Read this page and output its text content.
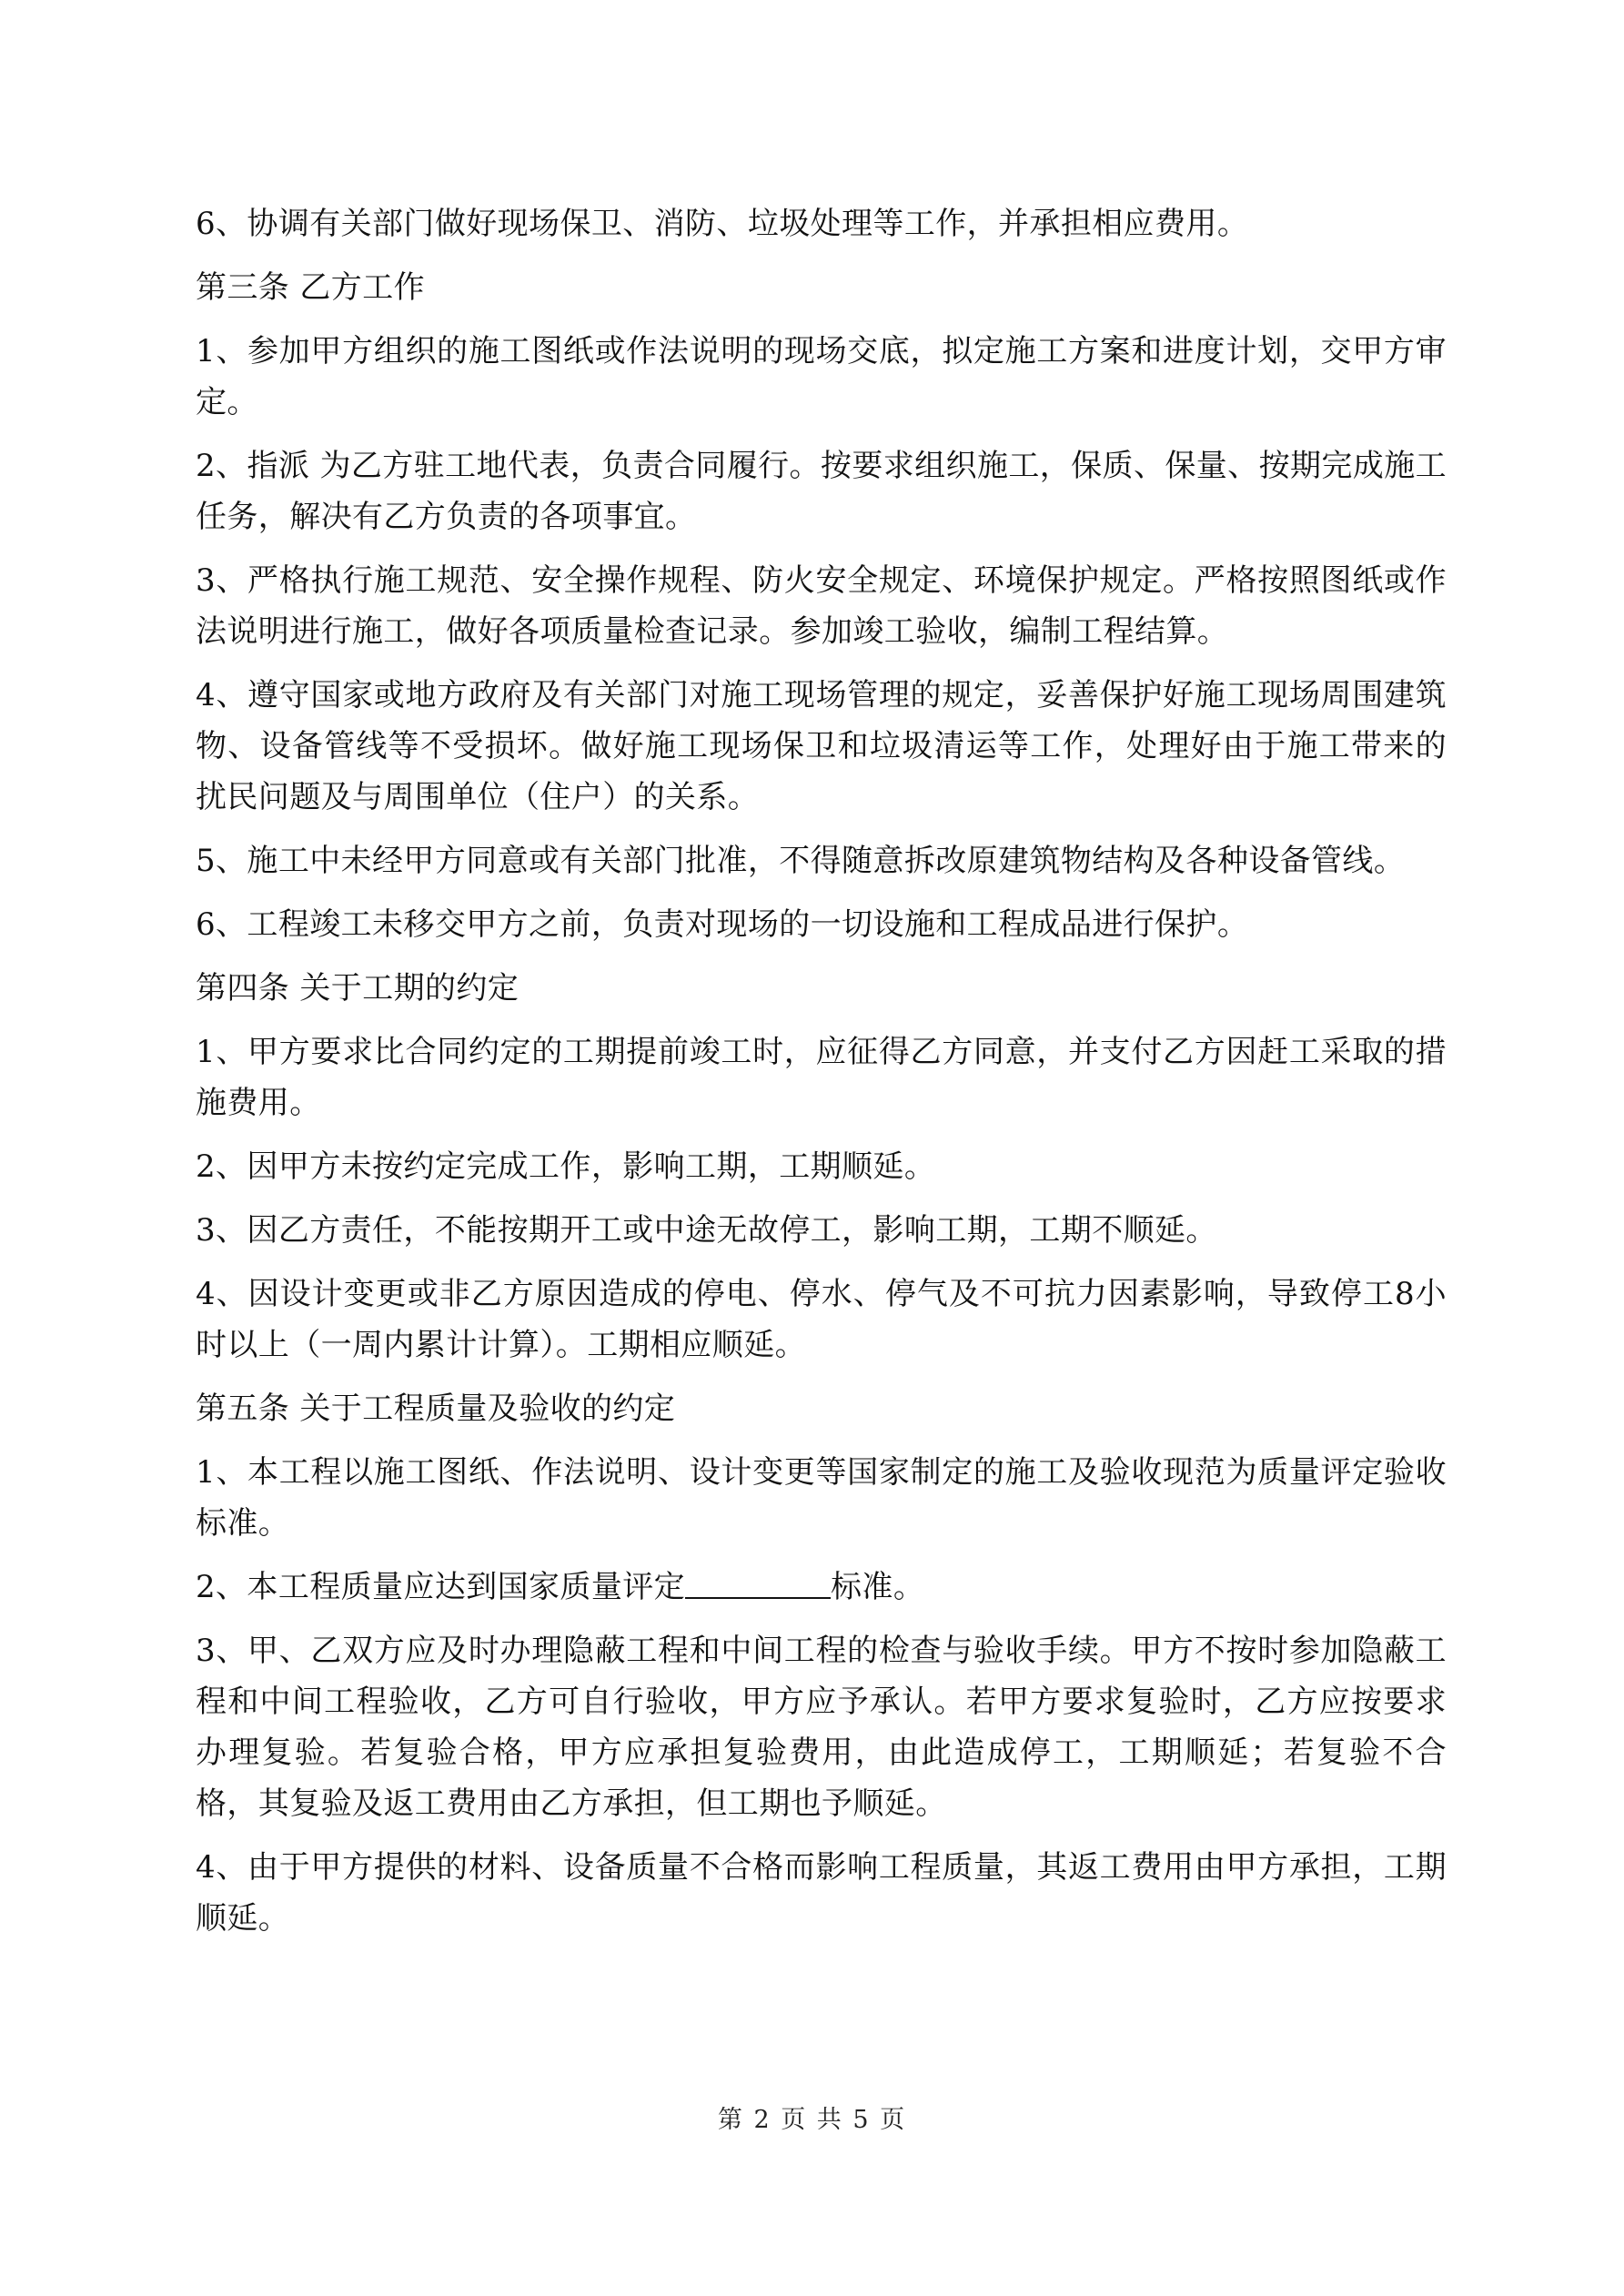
6、协调有关部门做好现场保卫、消防、垃圾处理等工作，并承担相应费用。

第三条 乙方工作

1、参加甲方组织的施工图纸或作法说明的现场交底，拟定施工方案和进度计划，交甲方审定。

2、指派 为乙方驻工地代表，负责合同履行。按要求组织施工，保质、保量、按期完成施工任务，解决有乙方负责的各项事宜。

3、严格执行施工规范、安全操作规程、防火安全规定、环境保护规定。严格按照图纸或作法说明进行施工，做好各项质量检查记录。参加竣工验收，编制工程结算。

4、遵守国家或地方政府及有关部门对施工现场管理的规定，妥善保护好施工现场周围建筑物、设备管线等不受损坏。做好施工现场保卫和垃圾清运等工作，处理好由于施工带来的扰民问题及与周围单位（住户）的关系。

5、施工中未经甲方同意或有关部门批准，不得随意拆改原建筑物结构及各种设备管线。

6、工程竣工未移交甲方之前，负责对现场的一切设施和工程成品进行保护。

第四条 关于工期的约定

1、甲方要求比合同约定的工期提前竣工时，应征得乙方同意，并支付乙方因赶工采取的措施费用。

2、因甲方未按约定完成工作，影响工期，工期顺延。

3、因乙方责任，不能按期开工或中途无故停工，影响工期，工期不顺延。

4、因设计变更或非乙方原因造成的停电、停水、停气及不可抗力因素影响，导致停工8小时以上（一周内累计计算）。工期相应顺延。

第五条 关于工程质量及验收的约定

1、本工程以施工图纸、作法说明、设计变更等国家制定的施工及验收现范为质量评定验收标准。

2、本工程质量应达到国家质量评定	标准。

3、甲、乙双方应及时办理隐蔽工程和中间工程的检查与验收手续。甲方不按时参加隐蔽工程和中间工程验收，乙方可自行验收，甲方应予承认。若甲方要求复验时，乙方应按要求办理复验。若复验合格，甲方应承担复验费用，由此造成停工，工期顺延；若复验不合格，其复验及返工费用由乙方承担，但工期也予顺延。

4、由于甲方提供的材料、设备质量不合格而影响工程质量，其返工费用由甲方承担，工期顺延。

第 2 页 共 5 页
